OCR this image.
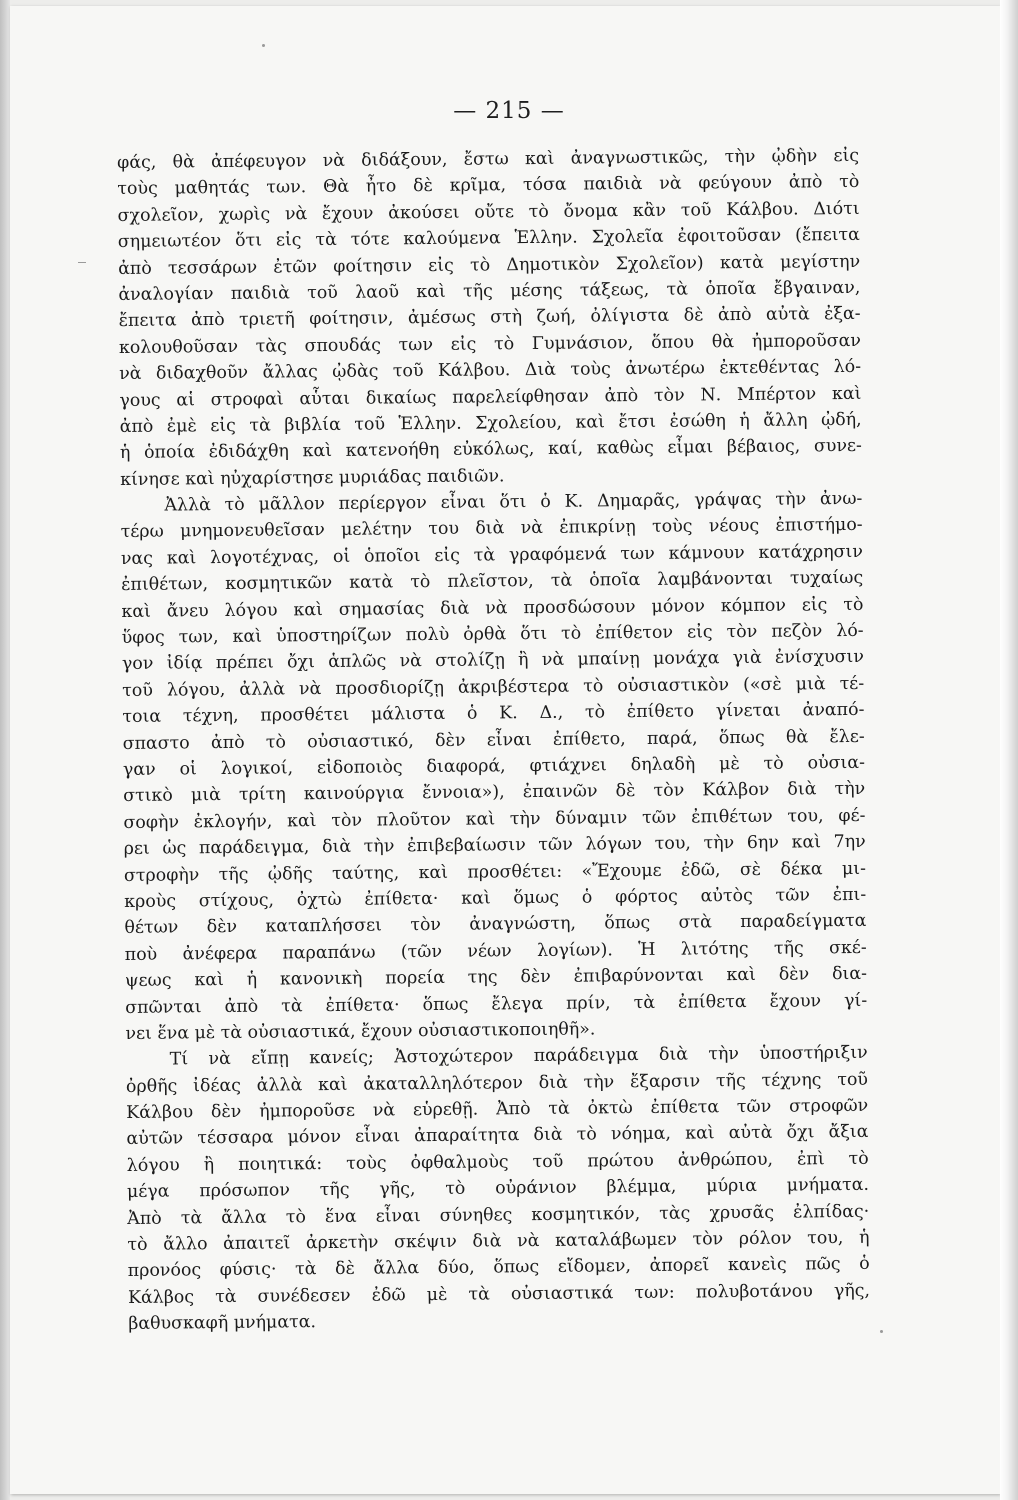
— 215 —
φάς, θὰ ἀπέφευγον νὰ διδάξουν, ἔστω καὶ ἀναγνωστικῶς, τὴν ᾠδὴν εἰς
τοὺς μαθητάς των. Θὰ ἦτο δὲ κρῖμα, τόσα παιδιὰ νὰ φεύγουν ἀπὸ τὸ
σχολεῖον, χωρὶς νὰ ἔχουν ἀκούσει οὔτε τὸ ὄνομα κἂν τοῦ Κάλβου. Διότι
σημειωτέον ὅτι εἰς τὰ τότε καλούμενα Ἑλλην. Σχολεῖα ἐφοιτοῦσαν (ἔπειτα
ἀπὸ τεσσάρων ἐτῶν φοίτησιν εἰς τὸ Δημοτικὸν Σχολεῖον) κατὰ μεγίστην
ἀναλογίαν παιδιὰ τοῦ λαοῦ καὶ τῆς μέσης τάξεως, τὰ ὁποῖα ἔβγαιναν,
ἔπειτα ἀπὸ τριετῆ φοίτησιν, ἀμέσως στὴ ζωή, ὀλίγιστα δὲ ἀπὸ αὐτὰ ἐξα-
κολουθοῦσαν τὰς σπουδάς των εἰς τὸ Γυμνάσιον, ὅπου θὰ ἠμποροῦσαν
νὰ διδαχθοῦν ἄλλας ᾠδὰς τοῦ Κάλβου. Διὰ τοὺς ἀνωτέρω ἐκτεθέντας λό-
γους αἱ στροφαὶ αὗται δικαίως παρελείφθησαν ἀπὸ τὸν Ν. Μπέρτον καὶ
ἀπὸ ἐμὲ εἰς τὰ βιβλία τοῦ Ἑλλην. Σχολείου, καὶ ἔτσι ἐσώθη ἡ ἄλλη ᾠδή,
ἡ ὁποία ἐδιδάχθη καὶ κατενοήθη εὐκόλως, καί, καθὼς εἶμαι βέβαιος, συνε-
κίνησε καὶ ηὐχαρίστησε μυριάδας παιδιῶν.
Ἀλλὰ τὸ μᾶλλον περίεργον εἶναι ὅτι ὁ Κ. Δημαρᾶς, γράψας τὴν ἀνω-
τέρω μνημονευθεῖσαν μελέτην του διὰ νὰ ἐπικρίνῃ τοὺς νέους ἐπιστήμο-
νας καὶ λογοτέχνας, οἱ ὁποῖοι εἰς τὰ γραφόμενά των κάμνουν κατάχρησιν
ἐπιθέτων, κοσμητικῶν κατὰ τὸ πλεῖστον, τὰ ὁποῖα λαμβάνονται τυχαίως
καὶ ἄνευ λόγου καὶ σημασίας διὰ νὰ προσδώσουν μόνον κόμπον εἰς τὸ
ὕφος των, καὶ ὑποστηρίζων πολὺ ὀρθὰ ὅτι τὸ ἐπίθετον εἰς τὸν πεζὸν λό-
γον ἰδίᾳ πρέπει ὄχι ἁπλῶς νὰ στολίζῃ ἢ νὰ μπαίνῃ μονάχα γιὰ ἐνίσχυσιν
τοῦ λόγου, ἀλλὰ νὰ προσδιορίζῃ ἀκριβέστερα τὸ οὐσιαστικὸν («σὲ μιὰ τέ-
τοια τέχνη, προσθέτει μάλιστα ὁ Κ. Δ., τὸ ἐπίθετο γίνεται ἀναπό-
σπαστο ἀπὸ τὸ οὐσιαστικό, δὲν εἶναι ἐπίθετο, παρά, ὅπως θὰ ἔλε-
γαν οἱ λογικοί, εἰδοποιὸς διαφορά, φτιάχνει δηλαδὴ μὲ τὸ οὐσια-
στικὸ μιὰ τρίτη καινούργια ἔννοια»), ἐπαινῶν δὲ τὸν Κάλβον διὰ τὴν
σοφὴν ἐκλογήν, καὶ τὸν πλοῦτον καὶ τὴν δύναμιν τῶν ἐπιθέτων του, φέ-
ρει ὡς παράδειγμα, διὰ τὴν ἐπιβεβαίωσιν τῶν λόγων του, τὴν 6ην καὶ 7ην
στροφὴν τῆς ᾠδῆς ταύτης, καὶ προσθέτει: «Ἔχουμε ἐδῶ, σὲ δέκα μι-
κροὺς στίχους, ὀχτὼ ἐπίθετα· καὶ ὅμως ὁ φόρτος αὐτὸς τῶν ἐπι-
θέτων δὲν καταπλήσσει τὸν ἀναγνώστη, ὅπως στὰ παραδείγματα
ποὺ ἀνέφερα παραπάνω (τῶν νέων λογίων). Ἡ λιτότης τῆς σκέ-
ψεως καὶ ἡ κανονικὴ πορεία της δὲν ἐπιβαρύνονται καὶ δὲν δια-
σπῶνται ἀπὸ τὰ ἐπίθετα· ὅπως ἔλεγα πρίν, τὰ ἐπίθετα ἔχουν γί-
νει ἕνα μὲ τὰ οὐσιαστικά, ἔχουν οὐσιαστικοποιηθῆ».
Τί νὰ εἴπῃ κανείς; Ἀστοχώτερον παράδειγμα διὰ τὴν ὑποστήριξιν
ὀρθῆς ἰδέας ἀλλὰ καὶ ἀκαταλληλότερον διὰ τὴν ἔξαρσιν τῆς τέχνης τοῦ
Κάλβου δὲν ἠμποροῦσε νὰ εὑρεθῇ. Ἀπὸ τὰ ὀκτὼ ἐπίθετα τῶν στροφῶν
αὐτῶν τέσσαρα μόνον εἶναι ἀπαραίτητα διὰ τὸ νόημα, καὶ αὐτὰ ὄχι ἄξια
λόγου ἢ ποιητικά: τοὺς ὀφθαλμοὺς τοῦ πρώτου ἀνθρώπου, ἐπὶ τὸ
μέγα πρόσωπον τῆς γῆς, τὸ οὐράνιον βλέμμα, μύρια μνήματα.
Ἀπὸ τὰ ἄλλα τὸ ἕνα εἶναι σύνηθες κοσμητικόν, τὰς χρυσᾶς ἐλπίδας·
τὸ ἄλλο ἀπαιτεῖ ἀρκετὴν σκέψιν διὰ νὰ καταλάβωμεν τὸν ρόλον του, ἡ
προνόος φύσις· τὰ δὲ ἄλλα δύο, ὅπως εἴδομεν, ἀπορεῖ κανεὶς πῶς ὁ
Κάλβος τὰ συνέδεσεν ἐδῶ μὲ τὰ οὐσιαστικά των: πολυβοτάνου γῆς,
βαθυσκαφῆ μνήματα.
